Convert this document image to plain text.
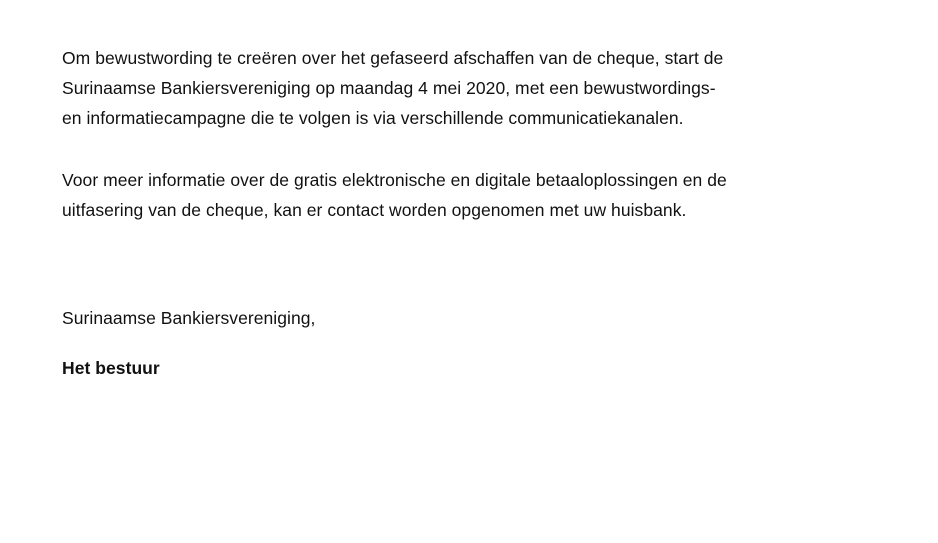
Om bewustwording te creëren over het gefaseerd afschaffen van de cheque, start de
Surinaamse Bankiersvereniging op maandag 4 mei 2020, met een bewustwordings-
en informatiecampagne die te volgen is via verschillende communicatiekanalen.
Voor meer informatie over de gratis elektronische en digitale betaaloplossingen en de
uitfasering van de cheque, kan er contact worden opgenomen met uw huisbank.
Surinaamse Bankiersvereniging,
Het bestuur
